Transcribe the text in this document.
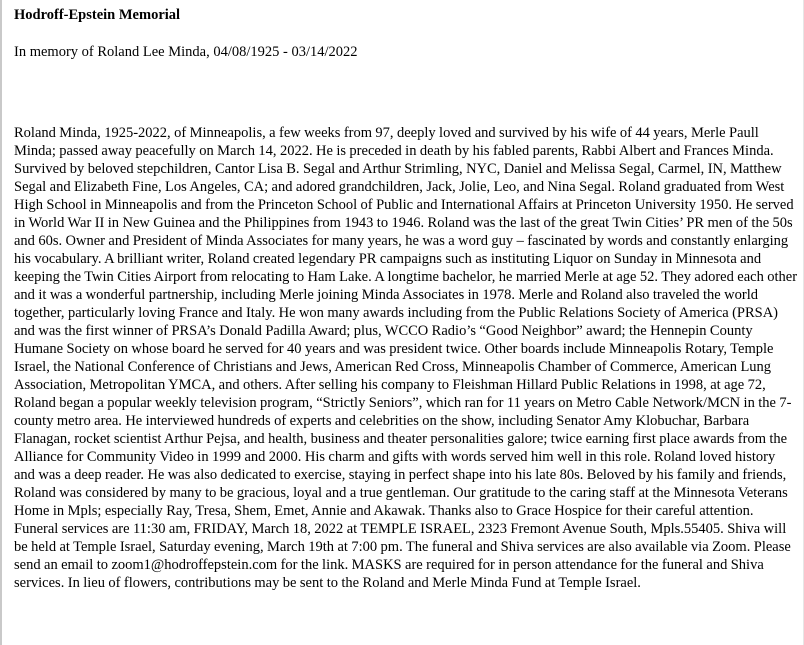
Hodroff-Epstein Memorial

In memory of Roland Lee Minda, 04/08/1925 - 03/14/2022

Roland Minda, 1925-2022, of Minneapolis, a few weeks from 97, deeply loved and survived by his wife of 44 years, Merle Paull Minda; passed away peacefully on March 14, 2022. He is preceded in death by his fabled parents, Rabbi Albert and Frances Minda. Survived by beloved stepchildren, Cantor Lisa B. Segal and Arthur Strimling, NYC, Daniel and Melissa Segal, Carmel, IN, Matthew Segal and Elizabeth Fine, Los Angeles, CA; and adored grandchildren, Jack, Jolie, Leo, and Nina Segal. Roland graduated from West High School in Minneapolis and from the Princeton School of Public and International Affairs at Princeton University 1950. He served in World War II in New Guinea and the Philippines from 1943 to 1946. Roland was the last of the great Twin Cities’ PR men of the 50s and 60s. Owner and President of Minda Associates for many years, he was a word guy – fascinated by words and constantly enlarging his vocabulary. A brilliant writer, Roland created legendary PR campaigns such as instituting Liquor on Sunday in Minnesota and keeping the Twin Cities Airport from relocating to Ham Lake. A longtime bachelor, he married Merle at age 52. They adored each other and it was a wonderful partnership, including Merle joining Minda Associates in 1978. Merle and Roland also traveled the world together, particularly loving France and Italy. He won many awards including from the Public Relations Society of America (PRSA) and was the first winner of PRSA’s Donald Padilla Award; plus, WCCO Radio’s “Good Neighbor” award; the Hennepin County Humane Society on whose board he served for 40 years and was president twice. Other boards include Minneapolis Rotary, Temple Israel, the National Conference of Christians and Jews, American Red Cross, Minneapolis Chamber of Commerce, American Lung Association, Metropolitan YMCA, and others. After selling his company to Fleishman Hillard Public Relations in 1998, at age 72, Roland began a popular weekly television program, “Strictly Seniors”, which ran for 11 years on Metro Cable Network/MCN in the 7-county metro area. He interviewed hundreds of experts and celebrities on the show, including Senator Amy Klobuchar, Barbara Flanagan, rocket scientist Arthur Pejsa, and health, business and theater personalities galore; twice earning first place awards from the Alliance for Community Video in 1999 and 2000. His charm and gifts with words served him well in this role. Roland loved history and was a deep reader. He was also dedicated to exercise, staying in perfect shape into his late 80s. Beloved by his family and friends, Roland was considered by many to be gracious, loyal and a true gentleman. Our gratitude to the caring staff at the Minnesota Veterans Home in Mpls; especially Ray, Tresa, Shem, Emet, Annie and Akawak. Thanks also to Grace Hospice for their careful attention. Funeral services are 11:30 am, FRIDAY, March 18, 2022 at TEMPLE ISRAEL, 2323 Fremont Avenue South, Mpls.55405. Shiva will be held at Temple Israel, Saturday evening, March 19th at 7:00 pm. The funeral and Shiva services are also available via Zoom. Please send an email to zoom1@hodroffepstein.com for the link. MASKS are required for in person attendance for the funeral and Shiva services. In lieu of flowers, contributions may be sent to the Roland and Merle Minda Fund at Temple Israel.
